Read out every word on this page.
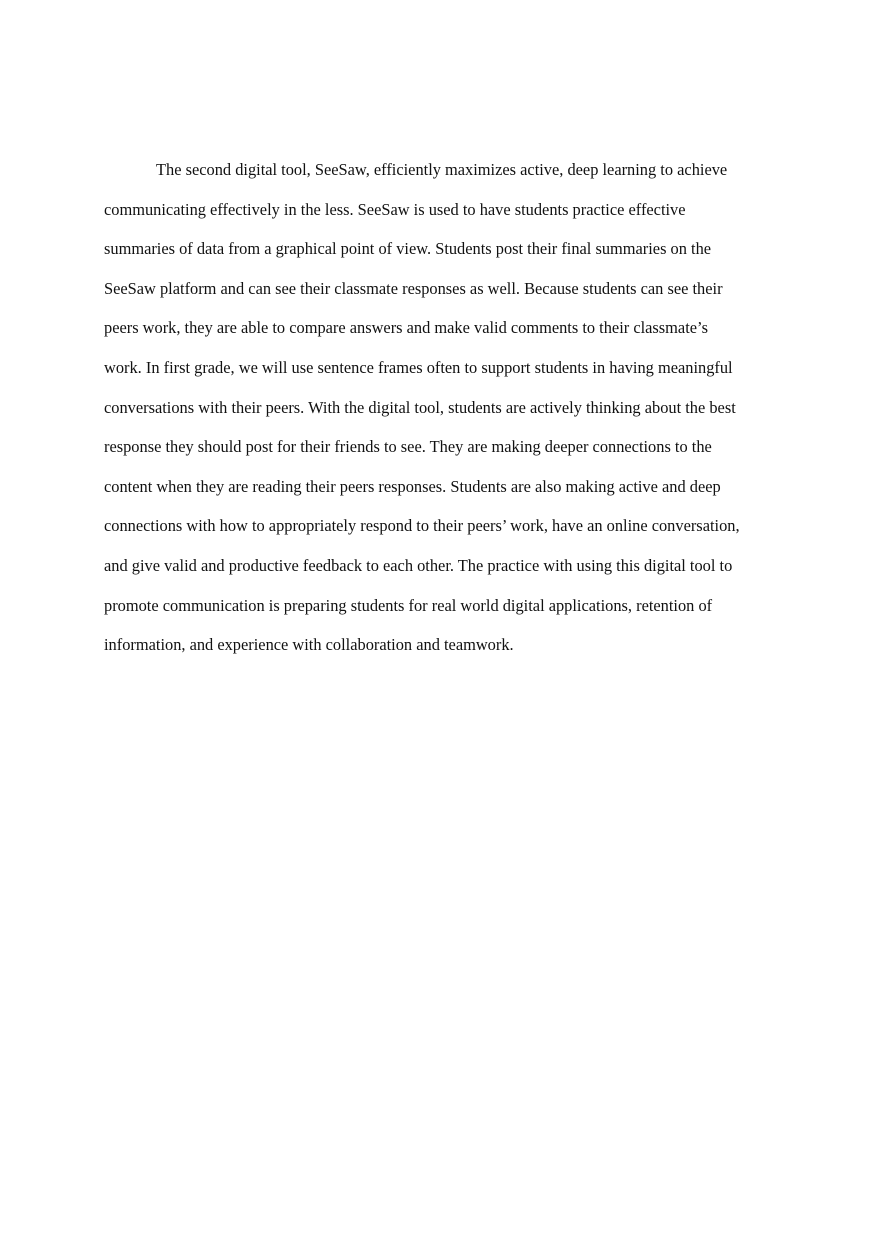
The second digital tool, SeeSaw, efficiently maximizes active, deep learning to achieve
communicating effectively in the less. SeeSaw is used to have students practice effective
summaries of data from a graphical point of view. Students post their final summaries on the
SeeSaw platform and can see their classmate responses as well. Because students can see their
peers work, they are able to compare answers and make valid comments to their classmate’s
work. In first grade, we will use sentence frames often to support students in having meaningful
conversations with their peers. With the digital tool, students are actively thinking about the best
response they should post for their friends to see. They are making deeper connections to the
content when they are reading their peers responses. Students are also making active and deep
connections with how to appropriately respond to their peers’ work, have an online conversation,
and give valid and productive feedback to each other. The practice with using this digital tool to
promote communication is preparing students for real world digital applications, retention of
information, and experience with collaboration and teamwork.
